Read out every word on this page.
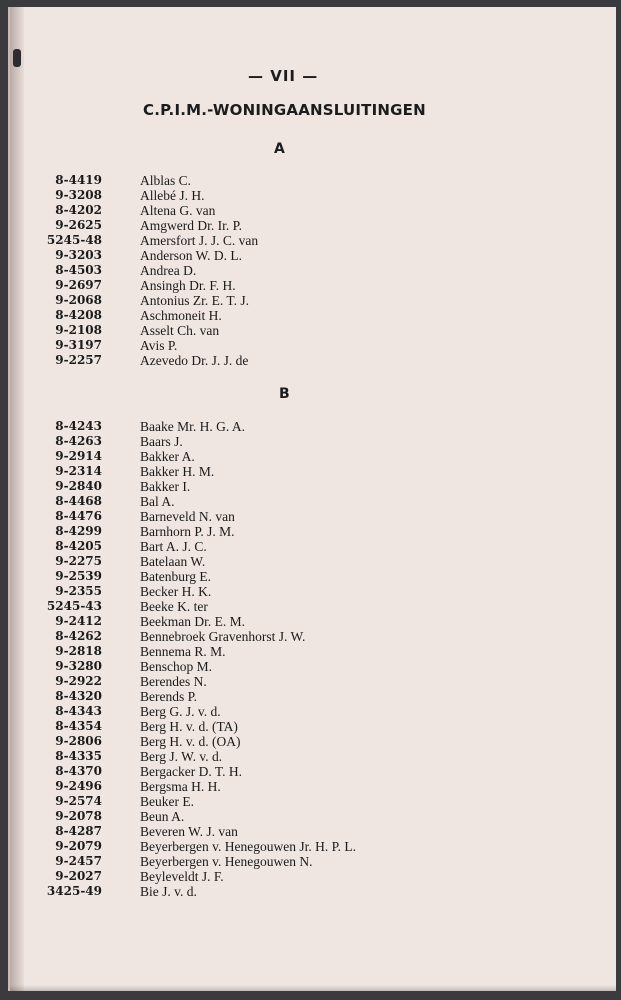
— VII —
C.P.I.M.-WONINGAANSLUITINGEN
A
B
8-4419	Alblas C.
9-3208	Allebé J. H.
8-4202	Altena G. van
9-2625	Amgwerd Dr. Ir. P.
5245-48	Amersfort J. J. C. van
9-3203	Anderson W. D. L.
8-4503	Andrea D.
9-2697	Ansingh Dr. F. H.
9-2068	Antonius Zr. E. T. J.
8-4208	Aschmoneit H.
9-2108	Asselt Ch. van
9-3197	Avis P.
9-2257	Azevedo Dr. J. J. de
8-4243	Baake Mr. H. G. A.
8-4263	Baars J.
9-2914	Bakker A.
9-2314	Bakker H. M.
9-2840	Bakker I.
8-4468	Bal A.
8-4476	Barneveld N. van
8-4299	Barnhorn P. J. M.
8-4205	Bart A. J. C.
9-2275	Batelaan W.
9-2539	Batenburg E.
9-2355	Becker H. K.
5245-43	Beeke K. ter
9-2412	Beekman Dr. E. M.
8-4262	Bennebroek Gravenhorst J. W.
9-2818	Bennema R. M.
9-3280	Benschop M.
9-2922	Berendes N.
8-4320	Berends P.
8-4343	Berg G. J. v. d.
8-4354	Berg H. v. d. (TA)
9-2806	Berg H. v. d. (OA)
8-4335	Berg J. W. v. d.
8-4370	Bergacker D. T. H.
9-2496	Bergsma H. H.
9-2574	Beuker E.
9-2078	Beun A.
8-4287	Beveren W. J. van
9-2079	Beyerbergen v. Henegouwen Jr. H. P. L.
9-2457	Beyerbergen v. Henegouwen N.
9-2027	Beyleveldt J. F.
3425-49	Bie J. v. d.
